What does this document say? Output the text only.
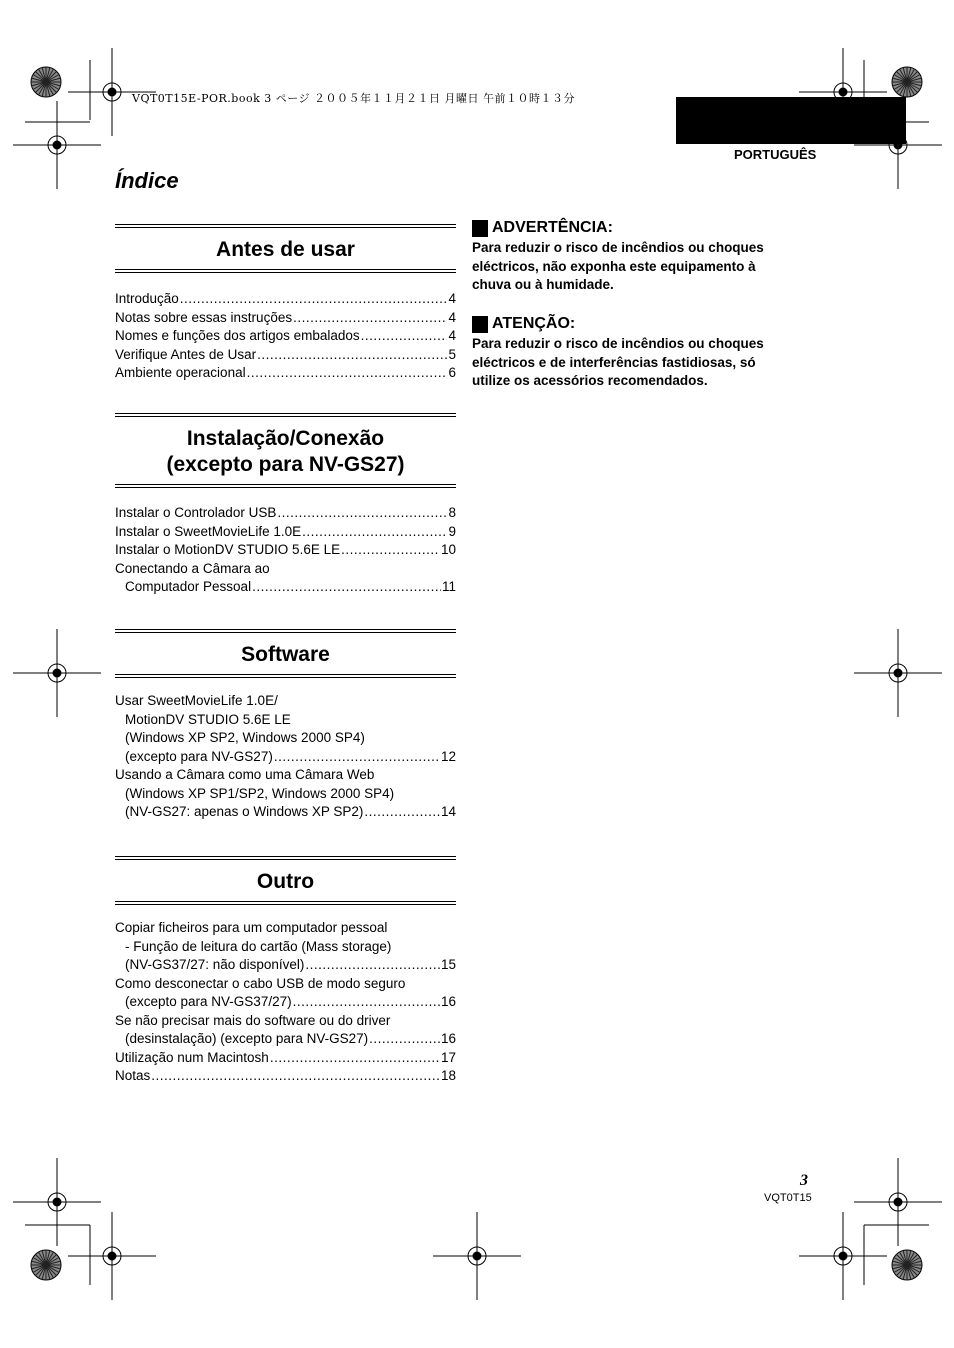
VQT0T15E-POR.book 3 ページ ２００５年１１月２１日 月曜日 午前１０時１３分
PORTUGUÊS
Índice
Antes de usar
Introdução .....	4
Notas sobre essas instruções .....	4
Nomes e funções dos artigos embalados .....	4
Verifique Antes de Usar .....	5
Ambiente operacional .....	6
Instalação/Conexão
(excepto para NV-GS27)
Instalar o Controlador USB .....	8
Instalar o SweetMovieLife 1.0E .....	9
Instalar o MotionDV STUDIO 5.6E LE .....	10
Conectando a Câmara ao
Computador Pessoal .....	11
Software
Usar SweetMovieLife 1.0E/
MotionDV STUDIO 5.6E LE
(Windows XP SP2, Windows 2000 SP4)
(excepto para NV-GS27) .....	12
Usando a Câmara como uma Câmara Web
(Windows XP SP1/SP2, Windows 2000 SP4)
(NV-GS27: apenas o Windows XP SP2) .....	14
Outro
Copiar ficheiros para um computador pessoal
- Função de leitura do cartão (Mass storage)
(NV-GS37/27: não disponível) .....	15
Como desconectar o cabo USB de modo seguro
(excepto para NV-GS37/27) .....	16
Se não precisar mais do software ou do driver
(desinstalação) (excepto para NV-GS27) .....	16
Utilização num Macintosh .....	17
Notas .....	18
ADVERTÊNCIA:
Para reduzir o risco de incêndios ou choques
eléctricos, não exponha este equipamento à
chuva ou à humidade.
ATENÇÃO:
Para reduzir o risco de incêndios ou choques
eléctricos e de interferências fastidiosas, só
utilize os acessórios recomendados.
3
VQT0T15
